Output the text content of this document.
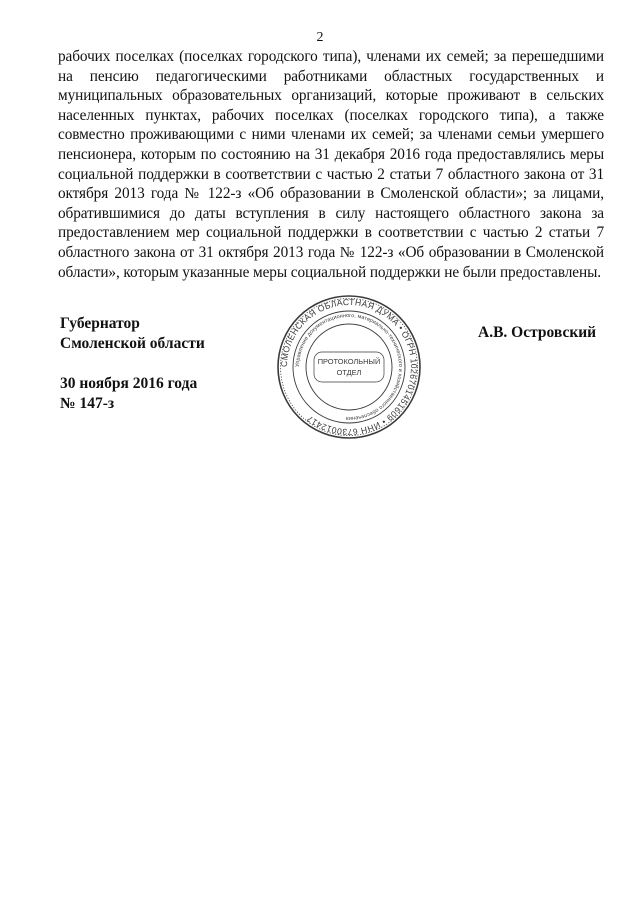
2
рабочих поселках (поселках городского типа), членами их семей; за перешедшими на пенсию педагогическими работниками областных государственных и муниципальных образовательных организаций, которые проживают в сельских населенных пунктах, рабочих поселках (поселках городского типа), а также совместно проживающими с ними членами их семей; за членами семьи умершего пенсионера, которым по состоянию на 31 декабря 2016 года предоставлялись меры социальной поддержки в соответствии с частью 2 статьи 7 областного закона от 31 октября 2013 года № 122-з «Об образовании в Смоленской области»; за лицами, обратившимися до даты вступления в силу настоящего областного закона за предоставлением мер социальной поддержки в соответствии с частью 2 статьи 7 областного закона от 31 октября 2013 года № 122-з «Об образовании в Смоленской области», которым указанные меры социальной поддержки не были предоставлены.
Губернатор
Смоленской области
30 ноября 2016 года
№ 147-з
А.В. Островский
СМОЛЕНСКАЯ ОБЛАСТНАЯ ДУМА • ОГРН 1026701451609 • ИНН 6730012417
Управление документационного, материально-технического и хозяйственного обеспечения
ПРОТОКОЛЬНЫЙ
ОТДЕЛ
